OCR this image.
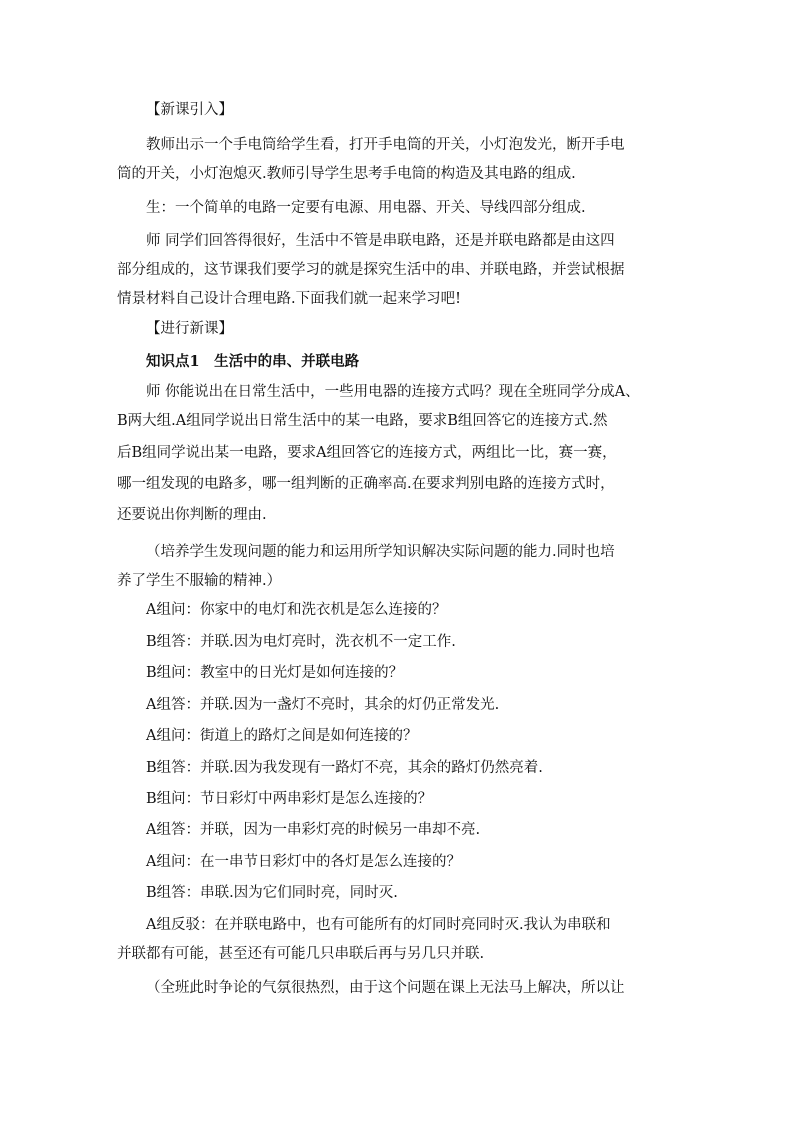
【新课引入】
教师出示一个手电筒给学生看，打开手电筒的开关，小灯泡发光，断开手电
筒的开关，小灯泡熄灭.教师引导学生思考手电筒的构造及其电路的组成.
生：一个简单的电路一定要有电源、用电器、开关、导线四部分组成.
师 同学们回答得很好，生活中不管是串联电路，还是并联电路都是由这四
部分组成的，这节课我们要学习的就是探究生活中的串、并联电路，并尝试根据
情景材料自己设计合理电路.下面我们就一起来学习吧!
【进行新课】
知识点1　生活中的串、并联电路
师 你能说出在日常生活中，一些用电器的连接方式吗？现在全班同学分成A、
B两大组.A组同学说出日常生活中的某一电路，要求B组回答它的连接方式.然
后B组同学说出某一电路，要求A组回答它的连接方式，两组比一比，赛一赛，
哪一组发现的电路多，哪一组判断的正确率高.在要求判别电路的连接方式时，
还要说出你判断的理由.
（培养学生发现问题的能力和运用所学知识解决实际问题的能力.同时也培
养了学生不服输的精神.）
A组问：你家中的电灯和洗衣机是怎么连接的？
B组答：并联.因为电灯亮时，洗衣机不一定工作.
B组问：教室中的日光灯是如何连接的？
A组答：并联.因为一盏灯不亮时，其余的灯仍正常发光.
A组问：街道上的路灯之间是如何连接的？
B组答：并联.因为我发现有一路灯不亮，其余的路灯仍然亮着.
B组问：节日彩灯中两串彩灯是怎么连接的？
A组答：并联，因为一串彩灯亮的时候另一串却不亮.
A组问：在一串节日彩灯中的各灯是怎么连接的？
B组答：串联.因为它们同时亮，同时灭.
A组反驳：在并联电路中，也有可能所有的灯同时亮同时灭.我认为串联和
并联都有可能，甚至还有可能几只串联后再与另几只并联.
（全班此时争论的气氛很热烈，由于这个问题在课上无法马上解决，所以让
